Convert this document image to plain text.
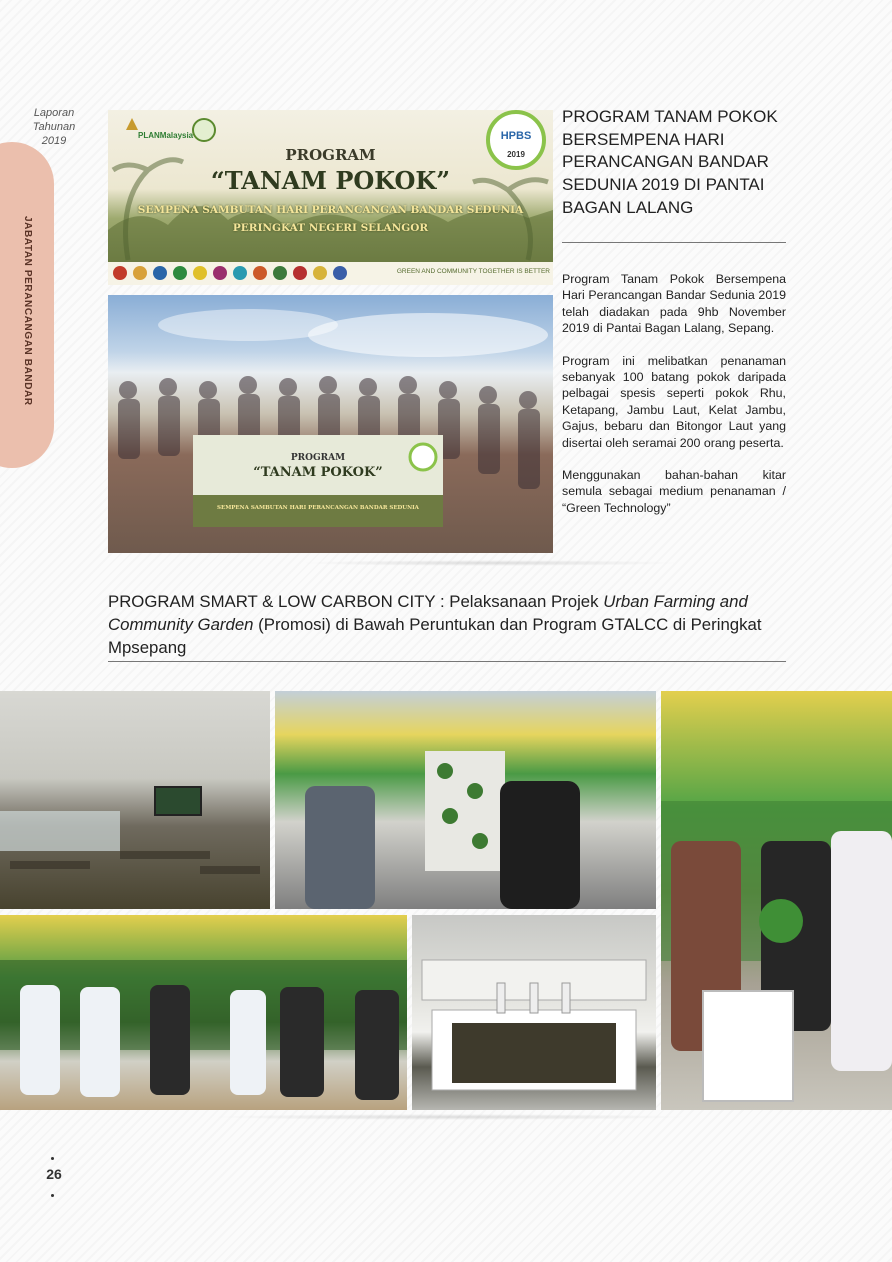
Laporan
Tahunan
2019
JABATAN PERANCANGAN BANDAR
PLANMalaysia	HPBS
2019
PROGRAM
“TANAM POKOK”
SEMPENA SAMBUTAN HARI PERANCANGAN BANDAR SEDUNIA
PERINGKAT NEGERI SELANGOR
GREEN AND COMMUNITY TOGETHER IS BETTER
PROGRAM
“TANAM POKOK”
SEMPENA SAMBUTAN HARI PERANCANGAN BANDAR SEDUNIA
PROGRAM TANAM POKOK BERSEMPENA HARI PERANCANGAN BANDAR SEDUNIA 2019 DI PANTAI BAGAN LALANG

Program Tanam Pokok Bersempena Hari Perancangan Bandar Sedunia 2019 telah diadakan pada 9hb November 2019 di Pantai Bagan Lalang, Sepang.

Program ini melibatkan penanaman sebanyak 100 batang pokok daripada pelbagai spesis seperti pokok Rhu, Ketapang, Jambu Laut, Kelat Jambu, Gajus, bebaru dan Bitongor Laut yang disertai oleh seramai 200 orang peserta.

Menggunakan bahan-bahan kitar semula sebagai medium penanaman / “Green Technology”

PROGRAM SMART & LOW CARBON CITY : Pelaksanaan Projek Urban Farming and Community Garden (Promosi) di Bawah Peruntukan dan Program GTALCC di Peringkat Mpsepang
26
